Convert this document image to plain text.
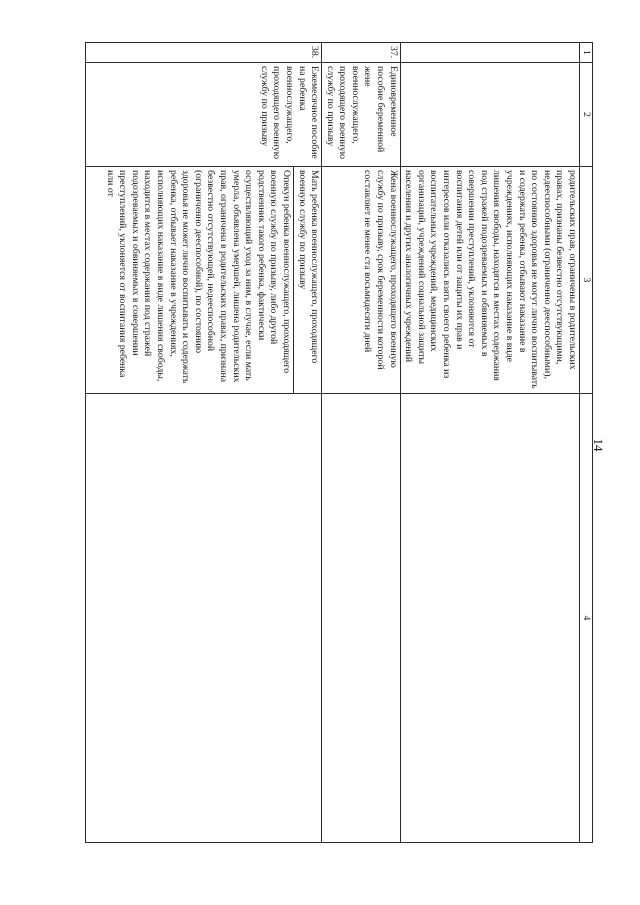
14
1	2	3	4

		родительских прав, ограничены в родительских правах, признаны безвестно отсутствующими, недееспособными (ограниченно дееспособными), по состоянию здоровья не могут лично воспитывать и содержать ребенка, отбывают наказание в учреждениях, исполняющих наказание в виде лишения свободы, находятся в местах содержания под стражей подозреваемых и обвиняемых в совершении преступлений, уклоняются от воспитания детей или от защиты их прав и интересов или отказались взять своего ребенка из воспитательных учреждений, медицинских организаций, учреждений социальной защиты населения и других аналогичных учреждений	

37.	Единовременное пособие беременной жене военнослужащего, проходящего военную службу по призыву	Жена военнослужащего, проходящего военную службу по призыву, срок беременности которой составляет не менее ста восьмидесяти дней	

38.	Ежемесячное пособие на ребенка военнослужащего, проходящего военную службу по призыву	Мать ребенка военнослужащего, проходящего военную службу по призыву
Опекун ребенка военнослужащего, проходящего военную службу по призыву, либо другой родственник такого ребенка, фактически осуществляющий уход за ним, в случае, если мать умерла, объявлена умершей, лишена родительских прав, ограничена в родительских правах, признана безвестно отсутствующей, недееспособной (ограниченно дееспособной), по состоянию здоровья не может лично воспитывать и содержать ребенка, отбывает наказание в учреждениях, исполняющих наказание в виде лишения свободы, находится в местах содержания под стражей подозреваемых и обвиняемых в совершении преступлений, уклоняется от воспитания ребенка или от	
